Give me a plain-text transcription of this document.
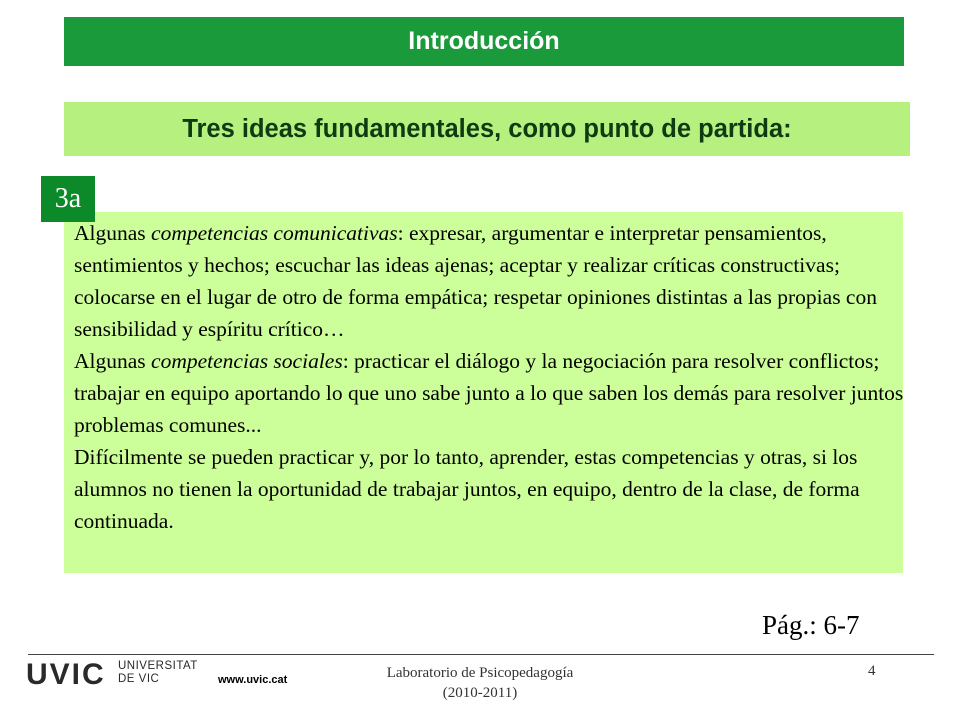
Introducción
Tres ideas fundamentales, como punto de partida:
3a

Algunas competencias comunicativas: expresar, argumentar e interpretar pensamientos, sentimientos y hechos; escuchar las ideas ajenas; aceptar y realizar críticas constructivas; colocarse en el lugar de otro de forma empática; respetar opiniones distintas a las propias con sensibilidad y espíritu crítico…

Algunas competencias sociales: practicar el diálogo y la negociación para resolver conflictos; trabajar en equipo aportando lo que uno sabe junto a lo que saben los demás para resolver juntos problemas comunes...

Difícilmente se pueden practicar y, por lo tanto, aprender, estas competencias y otras, si los alumnos no tienen la oportunidad de trabajar juntos, en equipo, dentro de la clase, de forma continuada.

Pág.: 6-7
UVIC UNIVERSITAT
DE VIC	www.uvic.cat	Laboratorio de Psicopedagogía
(2010-2011)
4
